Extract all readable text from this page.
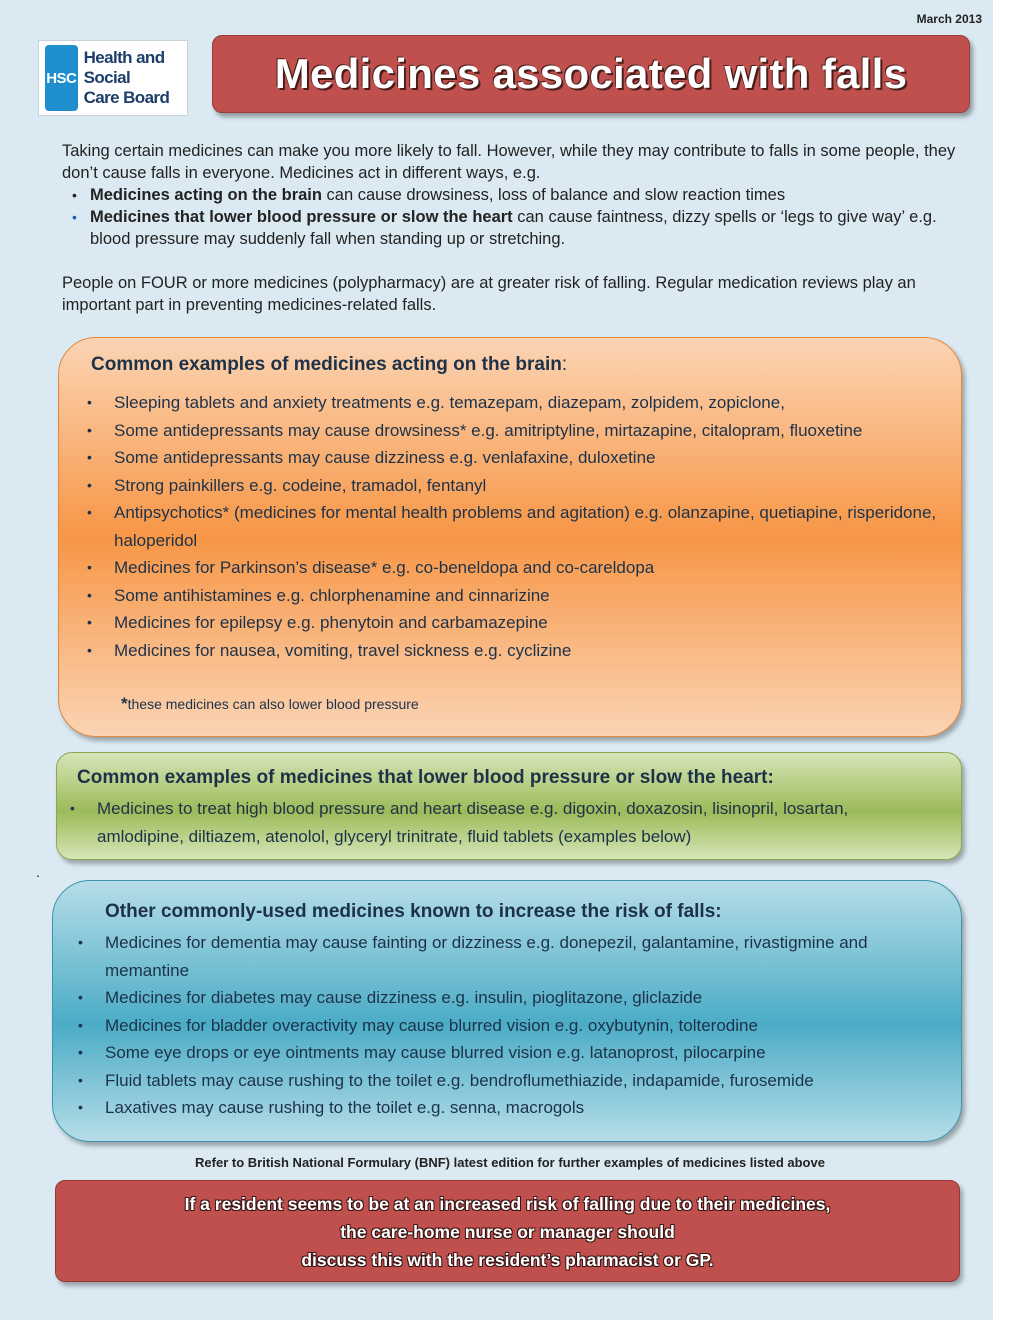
March 2013
HSC
Health and Social
Care Board
Medicines associated with falls

Taking certain medicines can make you more likely to fall. However, while they may contribute to falls in some people, they don’t cause falls in everyone. Medicines act in different ways, e.g.

• Medicines acting on the brain can cause drowsiness, loss of balance and slow reaction times
• Medicines that lower blood pressure or slow the heart can cause faintness, dizzy spells or ‘legs to give way’ e.g. blood pressure may suddenly fall when standing up or stretching.

People on FOUR or more medicines (polypharmacy) are at greater risk of falling. Regular medication reviews play an important part in preventing medicines-related falls.

Common examples of medicines acting on the brain:
• Sleeping tablets and anxiety treatments e.g. temazepam, diazepam, zolpidem, zopiclone,
• Some antidepressants may cause drowsiness* e.g. amitriptyline, mirtazapine, citalopram, fluoxetine
• Some antidepressants may cause dizziness e.g. venlafaxine, duloxetine
• Strong painkillers e.g. codeine, tramadol, fentanyl
• Antipsychotics* (medicines for mental health problems and agitation) e.g. olanzapine, quetiapine, risperidone, haloperidol
• Medicines for Parkinson’s disease* e.g. co-beneldopa and co-careldopa
• Some antihistamines e.g. chlorphenamine and cinnarizine
• Medicines for epilepsy e.g. phenytoin and carbamazepine
• Medicines for nausea, vomiting, travel sickness e.g. cyclizine
*these medicines can also lower blood pressure
Common examples of medicines that lower blood pressure or slow the heart:
• Medicines to treat high blood pressure and heart disease e.g. digoxin, doxazosin, lisinopril, losartan, amlodipine, diltiazem, atenolol, glyceryl trinitrate, fluid tablets (examples below)
.
Other commonly-used medicines known to increase the risk of falls:
• Medicines for dementia may cause fainting or dizziness e.g. donepezil, galantamine, rivastigmine and memantine
• Medicines for diabetes may cause dizziness e.g. insulin, pioglitazone, gliclazide
• Medicines for bladder overactivity may cause blurred vision e.g. oxybutynin, tolterodine
• Some eye drops or eye ointments may cause blurred vision e.g. latanoprost, pilocarpine
• Fluid tablets may cause rushing to the toilet e.g. bendroflumethiazide, indapamide, furosemide
• Laxatives may cause rushing to the toilet e.g. senna, macrogols
Refer to British National Formulary (BNF) latest edition for further examples of medicines listed above

If a resident seems to be at an increased risk of falling due to their medicines,
the care-home nurse or manager should
discuss this with the resident’s pharmacist or GP.
